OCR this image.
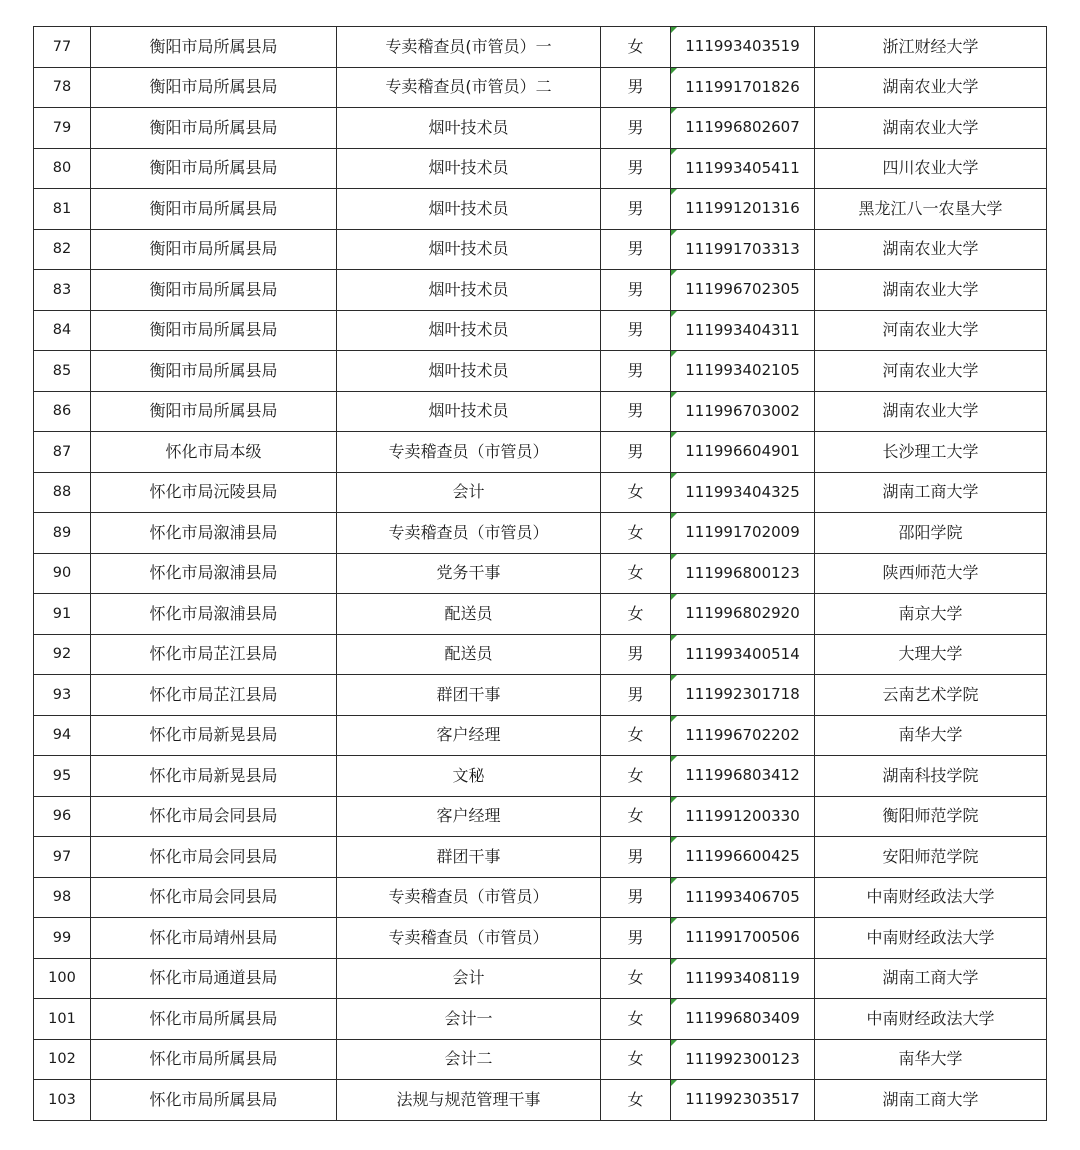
77	衡阳市局所属县局	专卖稽查员(市管员）一	女	111993403519	浙江财经大学
78	衡阳市局所属县局	专卖稽查员(市管员）二	男	111991701826	湖南农业大学
79	衡阳市局所属县局	烟叶技术员	男	111996802607	湖南农业大学
80	衡阳市局所属县局	烟叶技术员	男	111993405411	四川农业大学
81	衡阳市局所属县局	烟叶技术员	男	111991201316	黑龙江八一农垦大学
82	衡阳市局所属县局	烟叶技术员	男	111991703313	湖南农业大学
83	衡阳市局所属县局	烟叶技术员	男	111996702305	湖南农业大学
84	衡阳市局所属县局	烟叶技术员	男	111993404311	河南农业大学
85	衡阳市局所属县局	烟叶技术员	男	111993402105	河南农业大学
86	衡阳市局所属县局	烟叶技术员	男	111996703002	湖南农业大学
87	怀化市局本级	专卖稽查员（市管员）	男	111996604901	长沙理工大学
88	怀化市局沅陵县局	会计	女	111993404325	湖南工商大学
89	怀化市局溆浦县局	专卖稽查员（市管员）	女	111991702009	邵阳学院
90	怀化市局溆浦县局	党务干事	女	111996800123	陕西师范大学
91	怀化市局溆浦县局	配送员	女	111996802920	南京大学
92	怀化市局芷江县局	配送员	男	111993400514	大理大学
93	怀化市局芷江县局	群团干事	男	111992301718	云南艺术学院
94	怀化市局新晃县局	客户经理	女	111996702202	南华大学
95	怀化市局新晃县局	文秘	女	111996803412	湖南科技学院
96	怀化市局会同县局	客户经理	女	111991200330	衡阳师范学院
97	怀化市局会同县局	群团干事	男	111996600425	安阳师范学院
98	怀化市局会同县局	专卖稽查员（市管员）	男	111993406705	中南财经政法大学
99	怀化市局靖州县局	专卖稽查员（市管员）	男	111991700506	中南财经政法大学
100	怀化市局通道县局	会计	女	111993408119	湖南工商大学
101	怀化市局所属县局	会计一	女	111996803409	中南财经政法大学
102	怀化市局所属县局	会计二	女	111992300123	南华大学
103	怀化市局所属县局	法规与规范管理干事	女	111992303517	湖南工商大学
